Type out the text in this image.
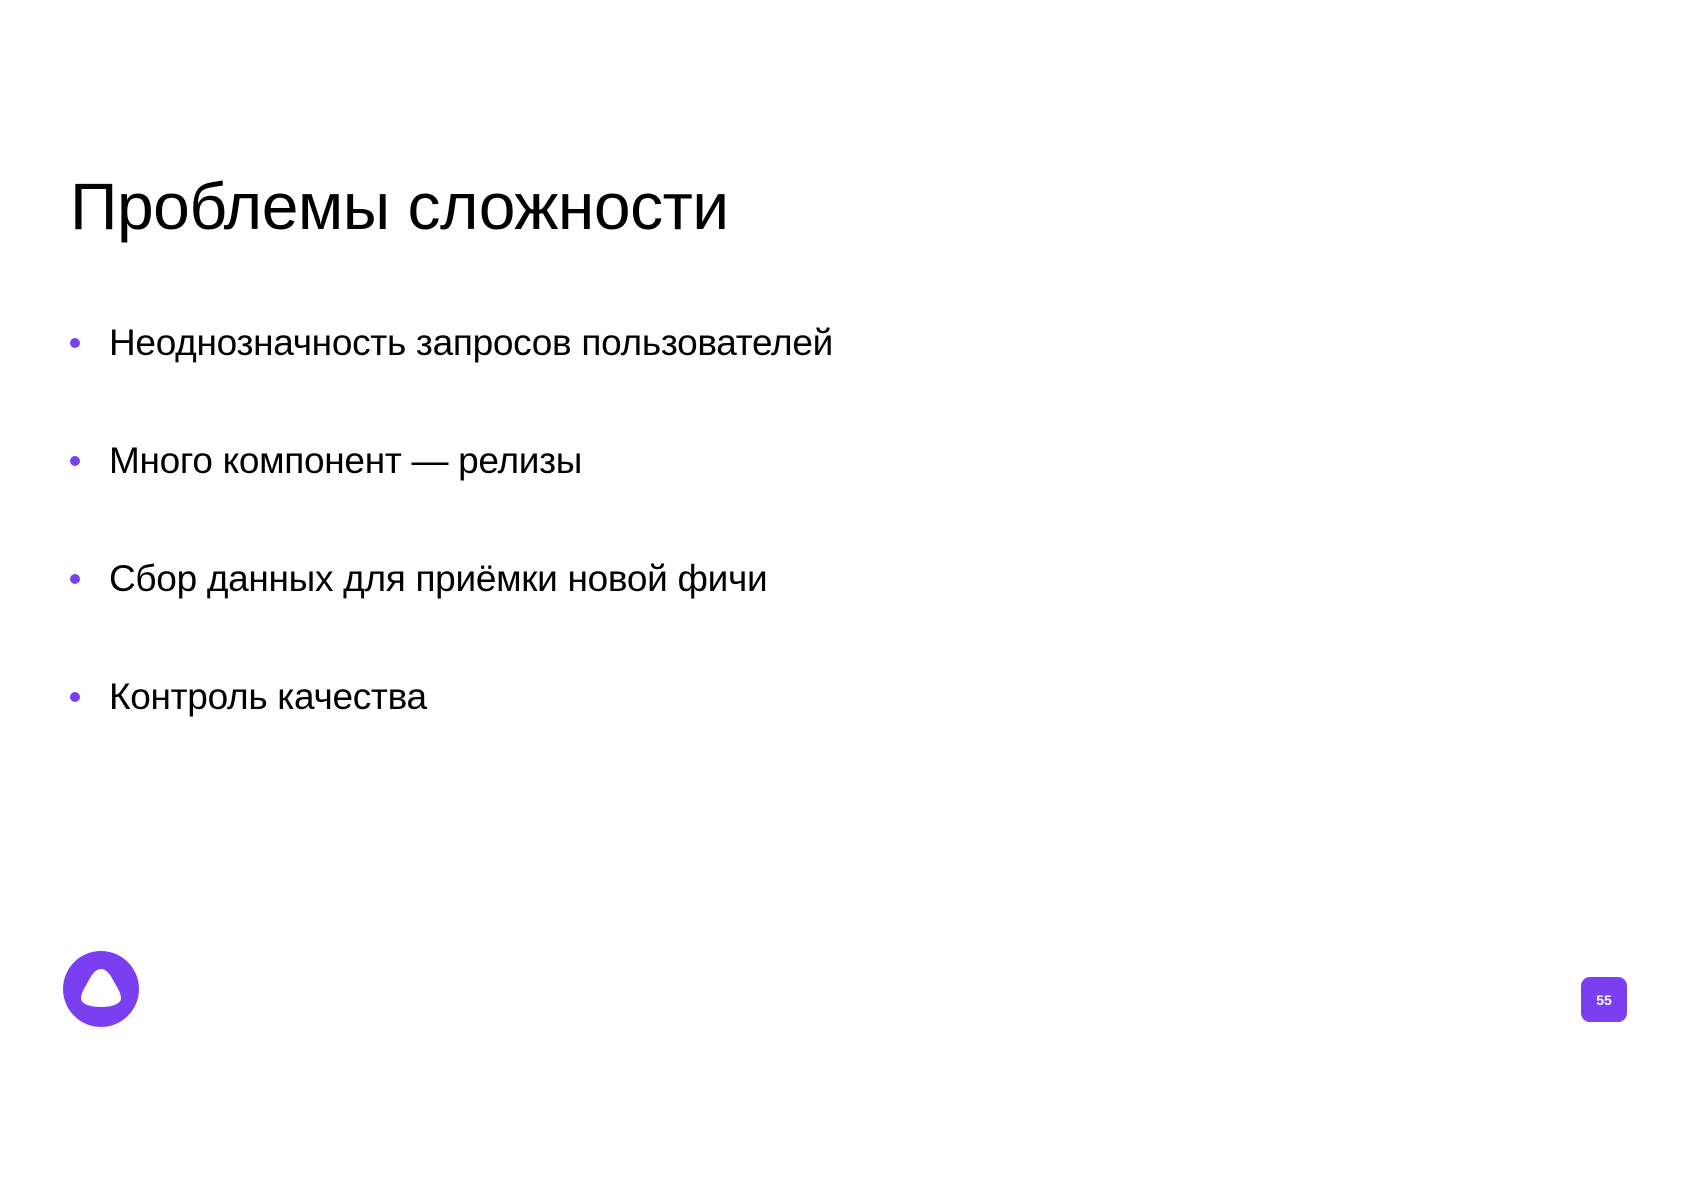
Проблемы сложности
Неоднозначность запросов пользователей
Много компонент — релизы
Сбор данных для приёмки новой фичи
Контроль качества
55
